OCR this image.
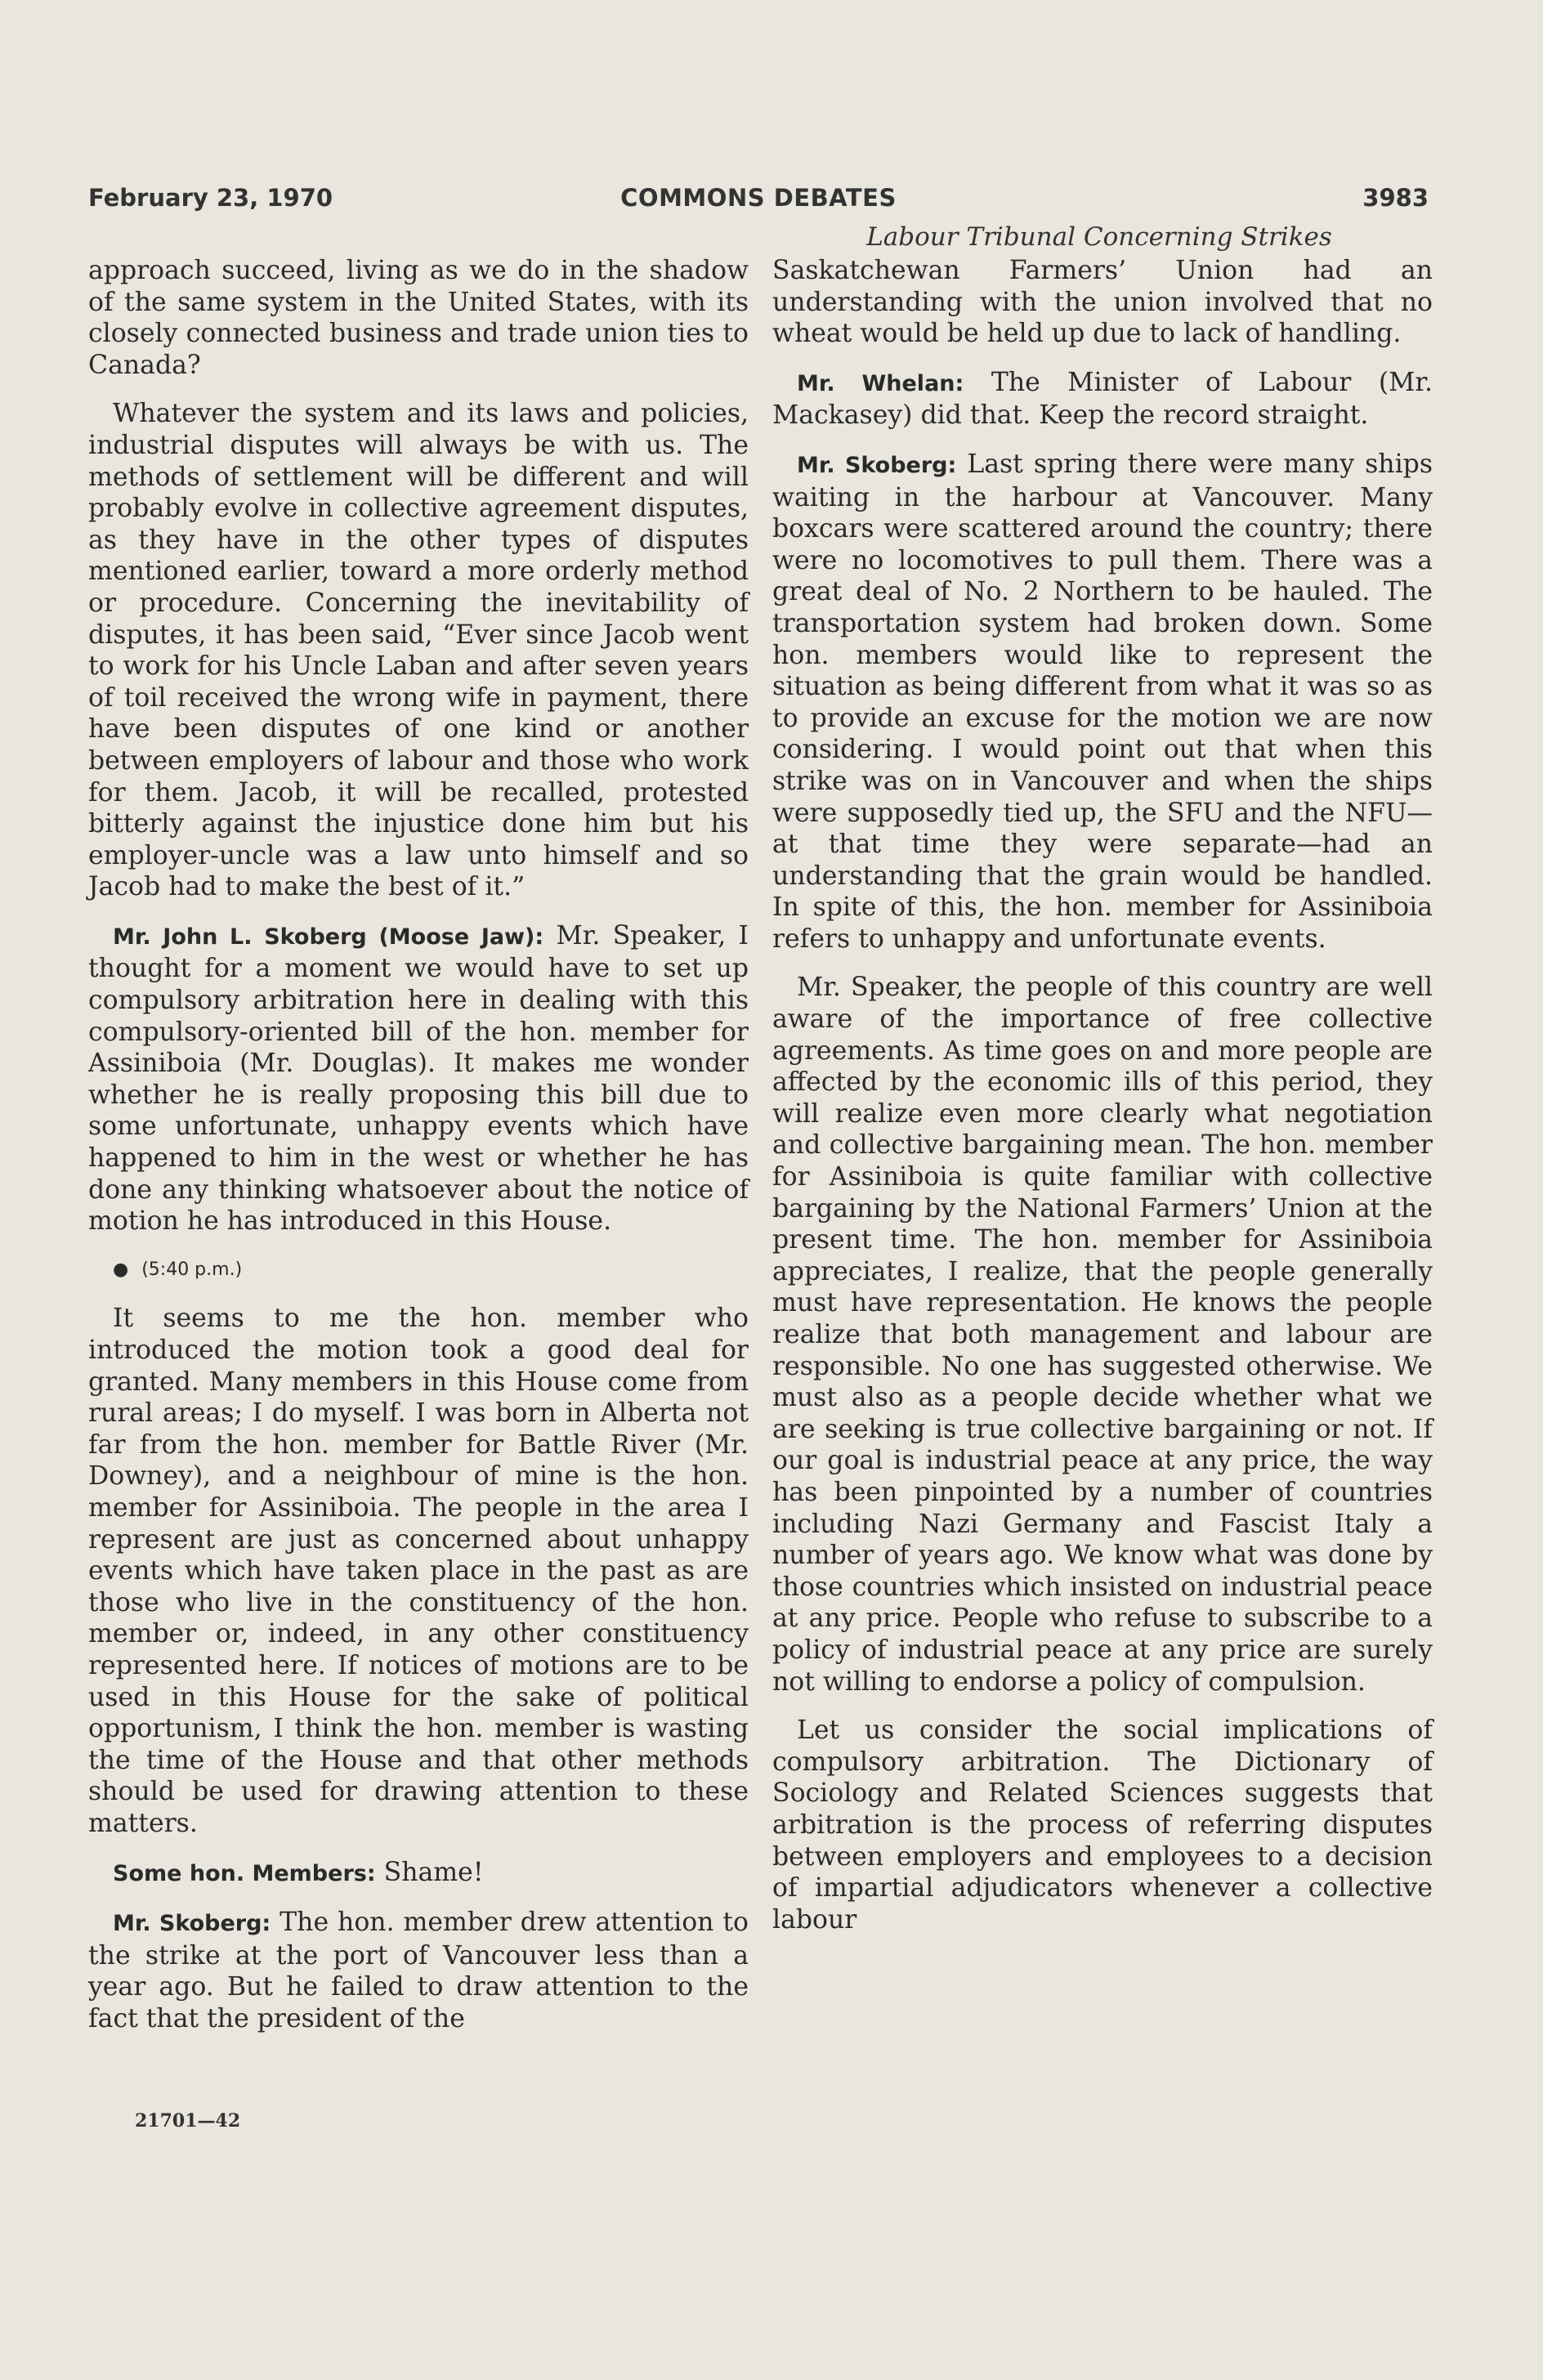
February 23, 1970	COMMONS DEBATES	3983
Labour Tribunal Concerning Strikes

approach succeed, living as we do in the shadow of the same system in the United States, with its closely connected business and trade union ties to Canada?

Whatever the system and its laws and policies, industrial disputes will always be with us. The methods of settlement will be different and will probably evolve in collective agreement disputes, as they have in the other types of disputes mentioned earlier, toward a more orderly method or procedure. Concerning the inevitability of disputes, it has been said, “Ever since Jacob went to work for his Uncle Laban and after seven years of toil received the wrong wife in payment, there have been disputes of one kind or another between employers of labour and those who work for them. Jacob, it will be recalled, protested bitterly against the injustice done him but his employer-uncle was a law unto himself and so Jacob had to make the best of it.”

Mr. John L. Skoberg (Moose Jaw): Mr. Speaker, I thought for a moment we would have to set up compulsory arbitration here in dealing with this compulsory-oriented bill of the hon. member for Assiniboia (Mr. Douglas). It makes me wonder whether he is really proposing this bill due to some unfortunate, unhappy events which have happened to him in the west or whether he has done any thinking whatsoever about the notice of motion he has introduced in this House.

● (5:40 p.m.)

It seems to me the hon. member who introduced the motion took a good deal for granted. Many members in this House come from rural areas; I do myself. I was born in Alberta not far from the hon. member for Battle River (Mr. Downey), and a neighbour of mine is the hon. member for Assiniboia. The people in the area I represent are just as concerned about unhappy events which have taken place in the past as are those who live in the constituency of the hon. member or, indeed, in any other constituency represented here. If notices of motions are to be used in this House for the sake of political opportunism, I think the hon. member is wasting the time of the House and that other methods should be used for drawing attention to these matters.

Some hon. Members: Shame!

Mr. Skoberg: The hon. member drew attention to the strike at the port of Vancouver less than a year ago. But he failed to draw attention to the fact that the president of the

Saskatchewan Farmers’ Union had an understanding with the union involved that no wheat would be held up due to lack of handling.

Mr. Whelan: The Minister of Labour (Mr. Mackasey) did that. Keep the record straight.

Mr. Skoberg: Last spring there were many ships waiting in the harbour at Vancouver. Many boxcars were scattered around the country; there were no locomotives to pull them. There was a great deal of No. 2 Northern to be hauled. The transportation system had broken down. Some hon. members would like to represent the situation as being different from what it was so as to provide an excuse for the motion we are now considering. I would point out that when this strike was on in Vancouver and when the ships were supposedly tied up, the SFU and the NFU—at that time they were separate—had an understanding that the grain would be handled. In spite of this, the hon. member for Assiniboia refers to unhappy and unfortunate events.

Mr. Speaker, the people of this country are well aware of the importance of free collective agreements. As time goes on and more people are affected by the economic ills of this period, they will realize even more clearly what negotiation and collective bargaining mean. The hon. member for Assiniboia is quite familiar with collective bargaining by the National Farmers’ Union at the present time. The hon. member for Assiniboia appreciates, I realize, that the people generally must have representation. He knows the people realize that both management and labour are responsible. No one has suggested otherwise. We must also as a people decide whether what we are seeking is true collective bargaining or not. If our goal is industrial peace at any price, the way has been pinpointed by a number of countries including Nazi Germany and Fascist Italy a number of years ago. We know what was done by those countries which insisted on industrial peace at any price. People who refuse to subscribe to a policy of industrial peace at any price are surely not willing to endorse a policy of compulsion.

Let us consider the social implications of compulsory arbitration. The Dictionary of Sociology and Related Sciences suggests that arbitration is the process of referring disputes between employers and employees to a decision of impartial adjudicators whenever a collective labour

21701—42
